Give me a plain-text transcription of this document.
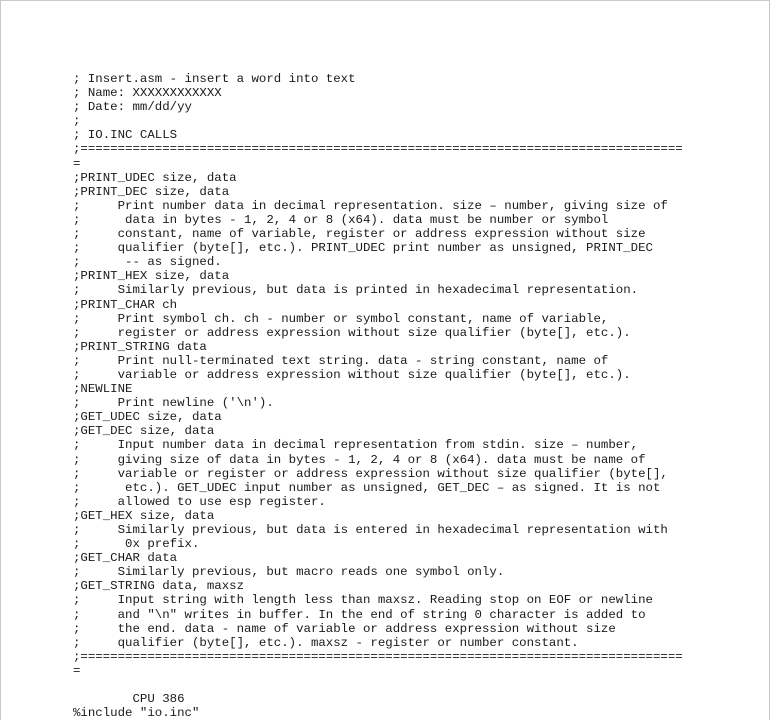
; Insert.asm - insert a word into text
; Name: XXXXXXXXXXXX
; Date: mm/dd/yy
;
; IO.INC CALLS
;=================================================================================
=
;PRINT_UDEC size, data
;PRINT_DEC size, data
;     Print number data in decimal representation. size – number, giving size of
;      data in bytes - 1, 2, 4 or 8 (x64). data must be number or symbol
;     constant, name of variable, register or address expression without size
;     qualifier (byte[], etc.). PRINT_UDEC print number as unsigned, PRINT_DEC
;      -- as signed.
;PRINT_HEX size, data
;     Similarly previous, but data is printed in hexadecimal representation.
;PRINT_CHAR ch
;     Print symbol ch. ch - number or symbol constant, name of variable,
;     register or address expression without size qualifier (byte[], etc.).
;PRINT_STRING data
;     Print null-terminated text string. data - string constant, name of
;     variable or address expression without size qualifier (byte[], etc.).
;NEWLINE
;     Print newline ('\n').
;GET_UDEC size, data
;GET_DEC size, data
;     Input number data in decimal representation from stdin. size – number,
;     giving size of data in bytes - 1, 2, 4 or 8 (x64). data must be name of
;     variable or register or address expression without size qualifier (byte[],
;      etc.). GET_UDEC input number as unsigned, GET_DEC – as signed. It is not
;     allowed to use esp register.
;GET_HEX size, data
;     Similarly previous, but data is entered in hexadecimal representation with
;      0x prefix.
;GET_CHAR data
;     Similarly previous, but macro reads one symbol only.
;GET_STRING data, maxsz
;     Input string with length less than maxsz. Reading stop on EOF or newline
;     and "\n" writes in buffer. In the end of string 0 character is added to
;     the end. data - name of variable or address expression without size
;     qualifier (byte[], etc.). maxsz - register or number constant.
;=================================================================================
=
CPU 386
%include "io.inc"
